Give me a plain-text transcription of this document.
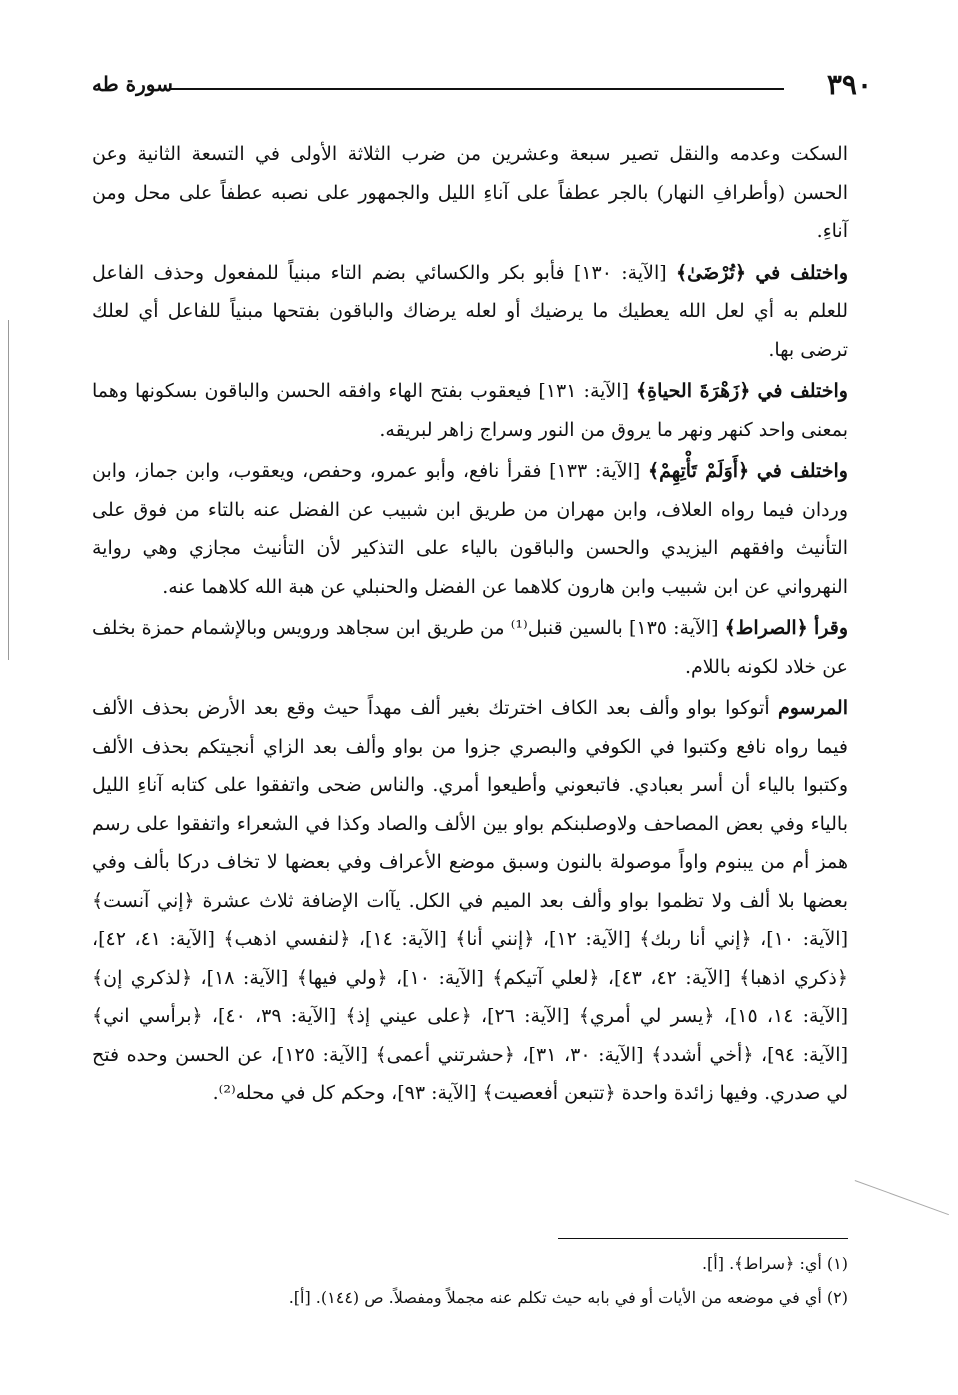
٣٩٠
سورة طه

السكت وعدمه والنقل تصير سبعة وعشرين من ضرب الثلاثة الأولى في التسعة الثانية وعن الحسن (وأطرافِ النهار) بالجر عطفاً على آناءِ الليل والجمهور على نصبه عطفاً على محل ومن آناءِ.

واختلف في ﴿تُرْضَىٰ﴾ [الآية: ١٣٠] فأبو بكر والكسائي بضم التاء مبنياً للمفعول وحذف الفاعل للعلم به أي لعل الله يعطيك ما يرضيك أو لعله يرضاك والباقون بفتحها مبنياً للفاعل أي لعلك ترضى بها.

واختلف في ﴿زَهْرَةَ الحياةِ﴾ [الآية: ١٣١] فيعقوب بفتح الهاء وافقه الحسن والباقون بسكونها وهما بمعنى واحد كنهر ونهر ما يروق من النور وسراج زاهر لبريقه.

واختلف في ﴿أَوَلَمْ تَأْتِهِمْ﴾ [الآية: ١٣٣] فقرأ نافع، وأبو عمرو، وحفص، ويعقوب، وابن جماز، وابن وردان فيما رواه العلاف، وابن مهران من طريق ابن شبيب عن الفضل عنه بالتاء من فوق على التأنيث وافقهم اليزيدي والحسن والباقون بالياء على التذكير لأن التأنيث مجازي وهي رواية النهرواني عن ابن شبيب وابن هارون كلاهما عن الفضل والحنبلي عن هبة الله كلاهما عنه.

وقرأ ﴿الصراط﴾ [الآية: ١٣٥] بالسين قنبل⁽¹⁾ من طريق ابن سجاهد ورويس وبالإشمام حمزة بخلف عن خلاد لكونه باللام.

المرسوم أتوكوا بواو وألف بعد الكاف اخترتك بغير ألف مهداً حيث وقع بعد الأرض بحذف الألف فيما رواه نافع وكتبوا في الكوفي والبصري جزوا من بواو وألف بعد الزاي أنجيتكم بحذف الألف وكتبوا بالياء أن أسر بعبادي. فاتبعوني وأطيعوا أمري. والناس ضحى واتفقوا على كتابه آناءِ الليل بالياء وفي بعض المصاحف ولاوصلبنكم بواو بين الألف والصاد وكذا في الشعراء واتفقوا على رسم همز أم من يبنوم واواً موصولة بالنون وسبق موضع الأعراف وفي بعضها لا تخاف دركا بألف وفي بعضها بلا ألف ولا تظموا بواو وألف بعد الميم في الكل. يآات الإضافة ثلاث عشرة ﴿إني آنست﴾ [الآية: ١٠]، ﴿إني أنا ربك﴾ [الآية: ١٢]، ﴿إنني أنا﴾ [الآية: ١٤]، ﴿لنفسي اذهب﴾ [الآية: ٤١، ٤٢]، ﴿ذكري اذهبا﴾ [الآية: ٤٢، ٤٣]، ﴿لعلي آتيكم﴾ [الآية: ١٠]، ﴿ولي فيها﴾ [الآية: ١٨]، ﴿لذكري إن﴾ [الآية: ١٤، ١٥]، ﴿يسر لي أمري﴾ [الآية: ٢٦]، ﴿على عيني إذ﴾ [الآية: ٣٩، ٤٠]، ﴿برأسي اني﴾ [الآية: ٩٤]، ﴿أخي أشدد﴾ [الآية: ٣٠، ٣١]، ﴿حشرتني أعمى﴾ [الآية: ١٢٥]، عن الحسن وحده فتح لي صدري. وفيها زائدة واحدة ﴿تتبعن أفعصيت﴾ [الآية: ٩٣]، وحكم كل في محله⁽²⁾.

(١) أي: ﴿سراط﴾. [أ].

(٢) أي في موضعه من الأيات أو في بابه حيث تكلم عنه مجملاً ومفصلاً. ص (١٤٤). [أ].
